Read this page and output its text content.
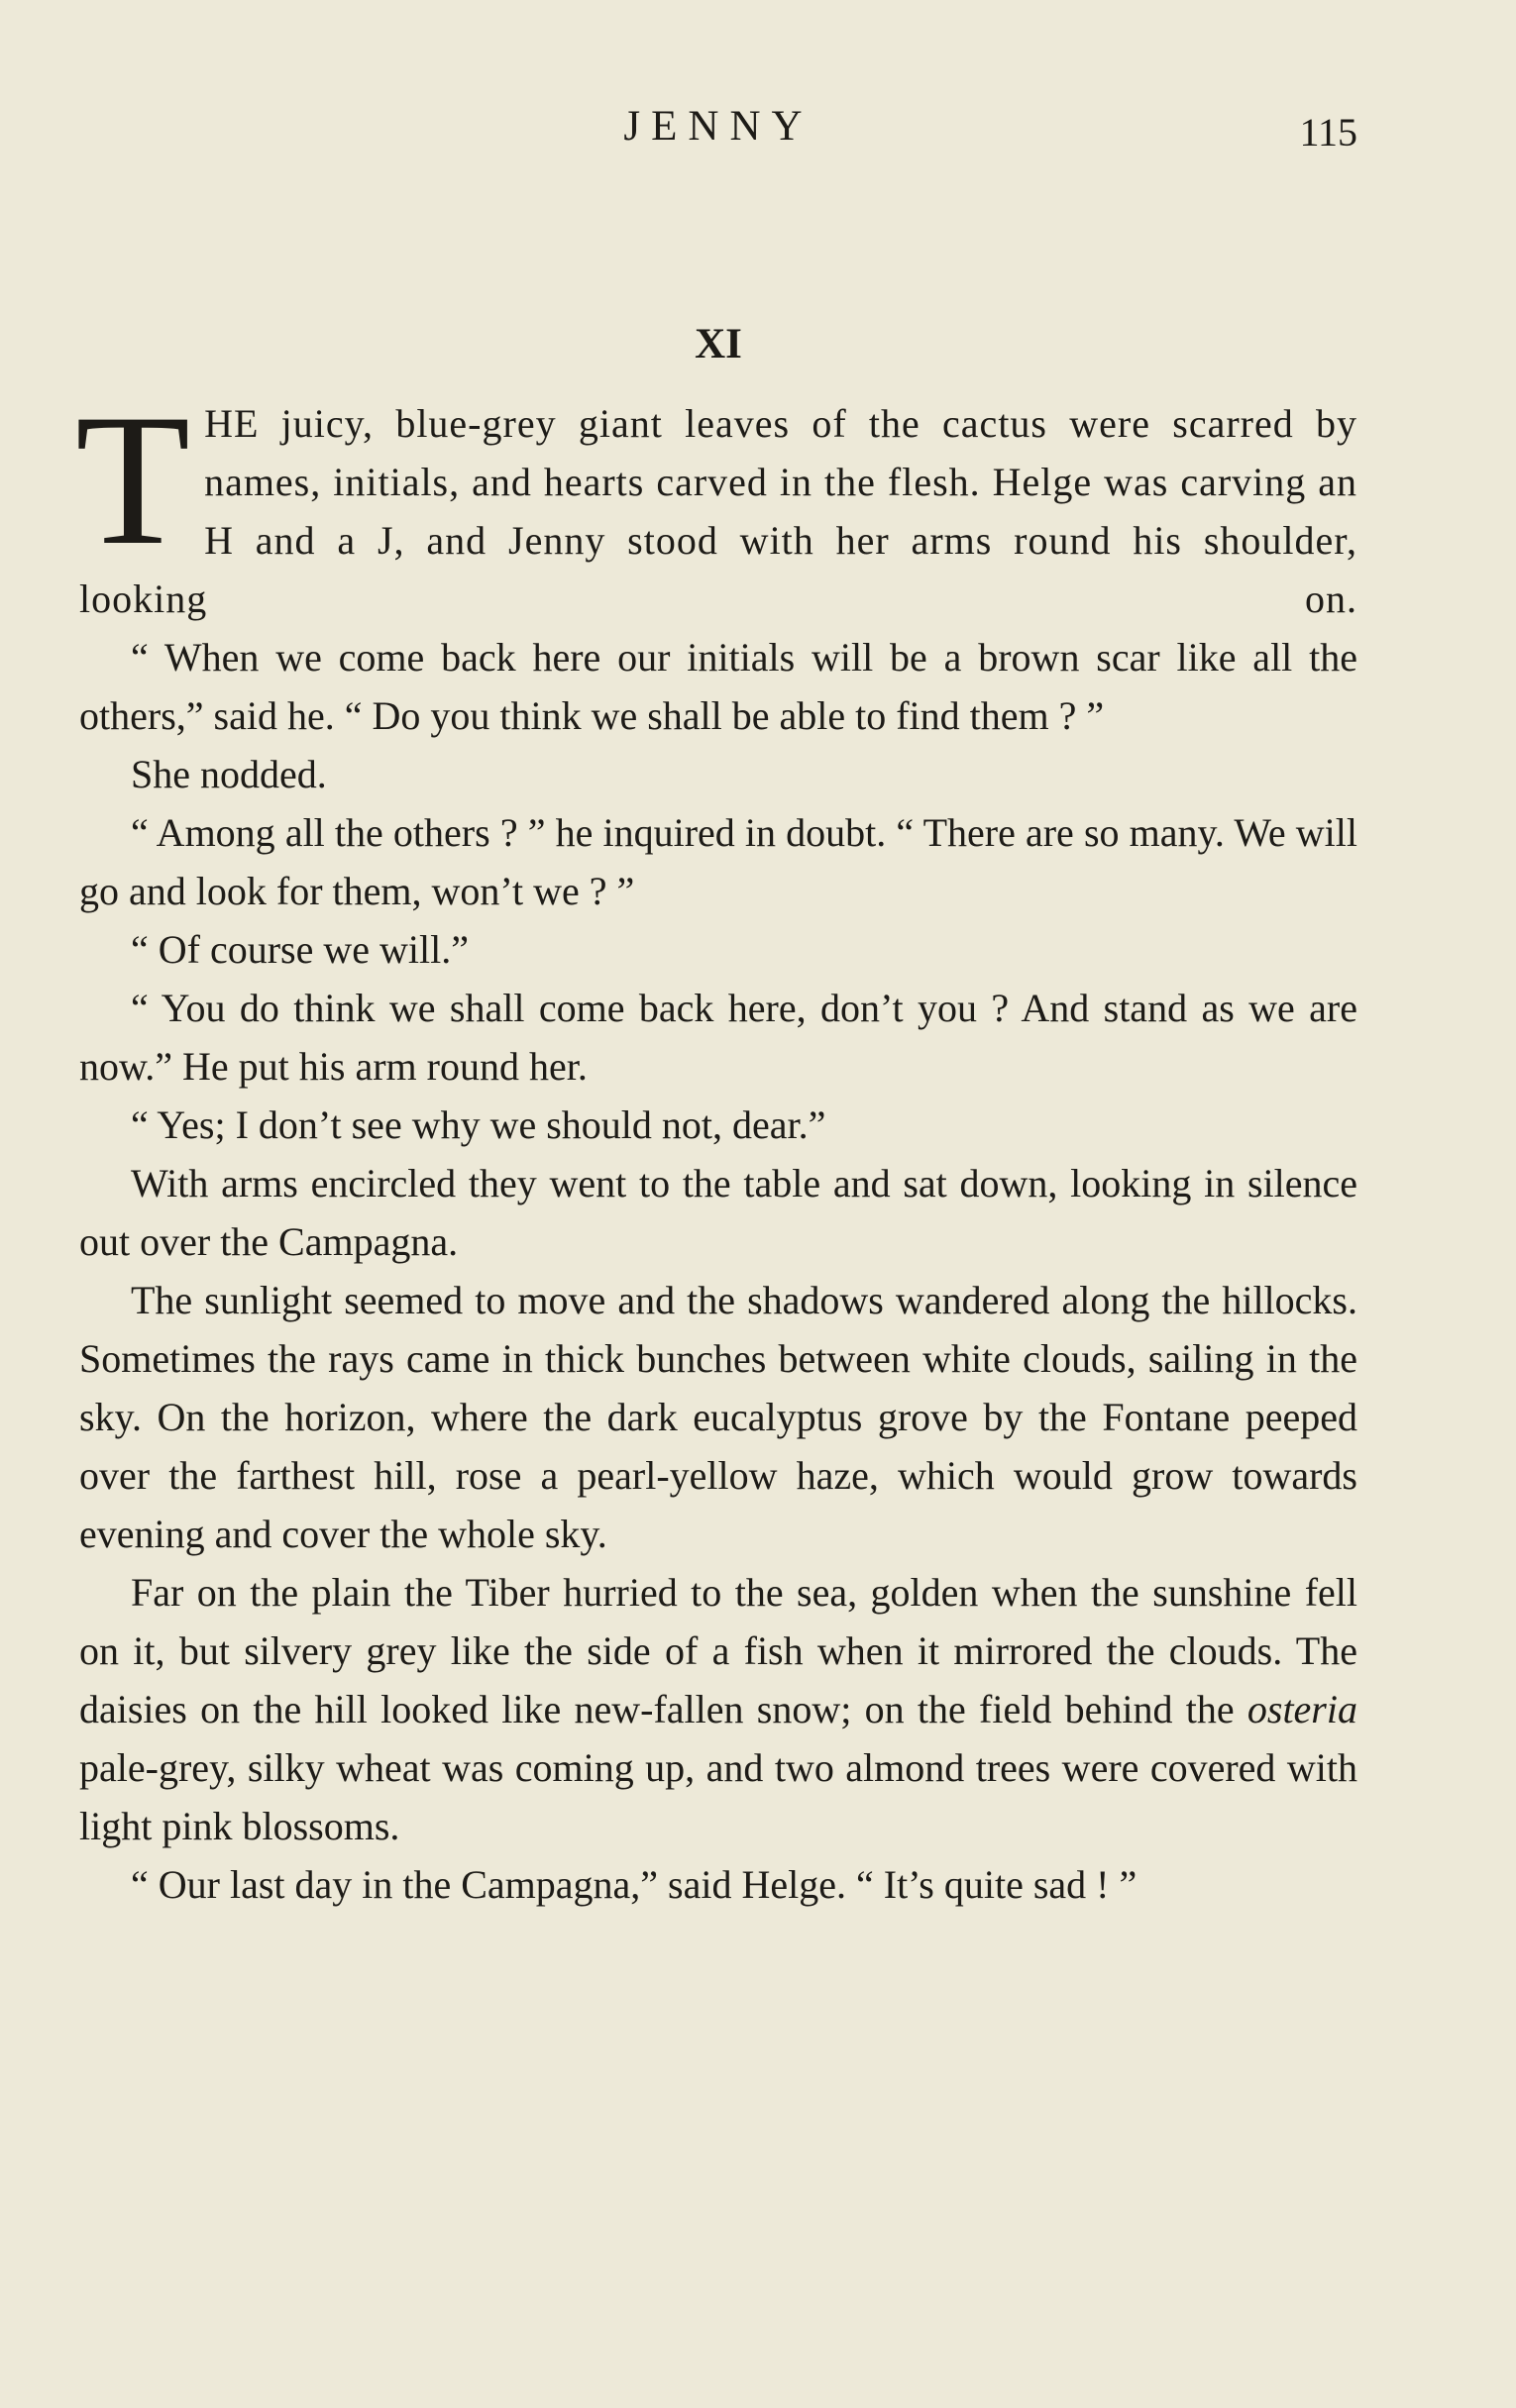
JENNY	115
XI

THE juicy, blue-grey giant leaves of the cactus were scarred by names, initials, and hearts carved in the flesh. Helge was carving an H and a J, and Jenny stood with her arms round his shoulder, looking on.

“ When we come back here our initials will be a brown scar like all the others,” said he. “ Do you think we shall be able to find them ? ”

She nodded.

“ Among all the others ? ” he inquired in doubt. “ There are so many. We will go and look for them, won’t we ? ”

“ Of course we will.”

“ You do think we shall come back here, don’t you ? And stand as we are now.” He put his arm round her.

“ Yes; I don’t see why we should not, dear.”

With arms encircled they went to the table and sat down, looking in silence out over the Campagna.

The sunlight seemed to move and the shadows wandered along the hillocks. Sometimes the rays came in thick bunches between white clouds, sailing in the sky. On the horizon, where the dark eucalyptus grove by the Fontane peeped over the farthest hill, rose a pearl-yellow haze, which would grow towards evening and cover the whole sky.

Far on the plain the Tiber hurried to the sea, golden when the sunshine fell on it, but silvery grey like the side of a fish when it mirrored the clouds. The daisies on the hill looked like new-fallen snow; on the field behind the osteria pale-grey, silky wheat was coming up, and two almond trees were covered with light pink blossoms.

“ Our last day in the Campagna,” said Helge. “ It’s quite sad ! ”
